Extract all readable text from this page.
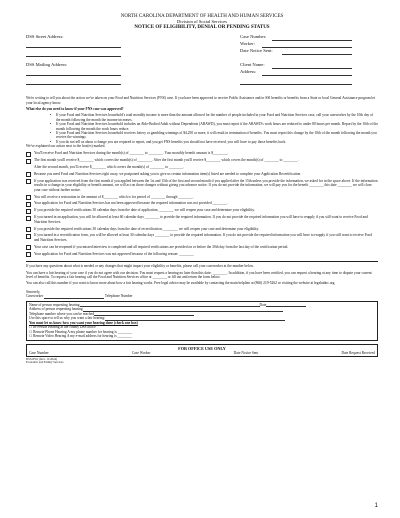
NORTH CAROLINA DEPARTMENT OF HEALTH AND HUMAN SERVICES
Division of Social Services
NOTICE OF ELIGIBILITY, DENIAL OR PENDING STATUS
DSS Street Address:
DSS Mailing Address:
Case Number:
Worker:
Date Notice Sent:
Client Name:
Address:

We're writing to tell you about the action we've taken on your Food and Nutrition Services (FNS) case. If you have been approved to receive Public Assistance and/or SSI benefits or benefits from a State or local General Assistance program let your local agency know.

What else do you need to know if your FNS case was approved?

• If your Food and Nutrition Services household's total monthly income is more than the amount allowed for the number of people included in your Food and Nutrition Services case, call your caseworker by the 10th day of the month following the month the income increases.
• If your Food and Nutrition Services household includes an Able-Bodied Adult without Dependents (ABAWD), you must report if the ABAWD's work hours are reduced to under 80 hours per month. Report by the 10th of the month following the month the work hours reduce.
• If your Food and Nutrition Services household receives lottery or gambling winnings of $4,250 or more, it will result in termination of benefits. You must report this change by the 10th of the month following the month you receive the winnings.
• If you do not tell us about a change you are required to report, and you get FNS benefits you should not have received, you will have to pay those benefits back.

We've explained our action next to the box(es) marked.

You'll receive Food and Nutrition Services during the month(s) of ________ to ________. Your monthly benefit amount is $________.
The first month you'll receive $________ which covers the month(s) of ________. After the first month you'll receive $________ which covers the month(s) of ________ to ________.
After the second month, you'll receive $________ which covers the month(s) of ________ to ________.
Because you need Food and Nutrition Services right away, we postponed asking you to give us certain information item(s) listed are needed to complete your Application Recertification
If your application was received from the first month if you applied between the 1st and 15th of the first and second month if you applied after the 15th unless you provide the information, we asked for in the space above. If the information results in a change in your eligibility or benefit amount, we will act on those changes without giving you advance notice. If you do not provide the information, we will pay you for the benefit ________ this date ________ we will close your case without further notice.
You will receive a restoration in the amount of $________ which is for period of ________ through ________.
Your application for Food and Nutrition Services has not been approved because the required information was not provided ________.
If you provide the required verifications 30 calendar days from the date of application, ________ we will reopen your case and determine your eligibility.
If you turned in an application, you will be allowed at least 60 calendar days ________ to provide the required information. If you do not provide the required information you will have to reapply if you still want to receive Food and Nutrition Services.
If you provide the required verifications 30 calendar days from the date of recertification, ________ we will reopen your case and determine your eligibility.
If you turned in a recertification form, you will be allowed at least 30 calendar days ________ to provide the required information. If you do not provide the required information you will have to reapply if you still want to receive Food and Nutrition Services.
Your case can be reopened if you missed interview is completed and all required verifications are provided on or before the 30th day from the last day of the certification period.
Your application for Food and Nutrition Services was not approved because of the following reason: ________

If you have any questions about what is needed or any changes that might impact your eligibility or benefits, please call your caseworker at the number below.

You can have a fair hearing of your case if you do not agree with our decision. You must request a hearing no later than this date: ________. In addition, if you have been certified, you can request a hearing at any time to dispute your current level of benefits. To request a fair hearing call the Food and Nutrition Services office at ________ or fill out and return the form below.

You can also call this number if you want to know more about how a fair hearing works. Free legal advice may be available by contacting the main helpline at (866) 219-5262 or visiting the website at legalaidnc.org.

Sincerely,
Caseworker	Telephone Number
Name of person requesting hearing	Date
Address of person requesting hearing
Telephone number where you can be reached
Use this space to tell us why you want a fair hearing:
You must let us know how you want your hearing done (check one box)
☐ In-Person Hearing at the county DSS office
☐ Remote Phone Hearing A my phone number for hearing is ________
☐ Remote Video Hearing A my e-mail address for hearing is ________
FOR OFFICE USE ONLY
Case Number	Case Worker	Date Notice Sent	Date Request Received
DSS-8551 (Rev. 11/2024)
Economic and Family Services
1
